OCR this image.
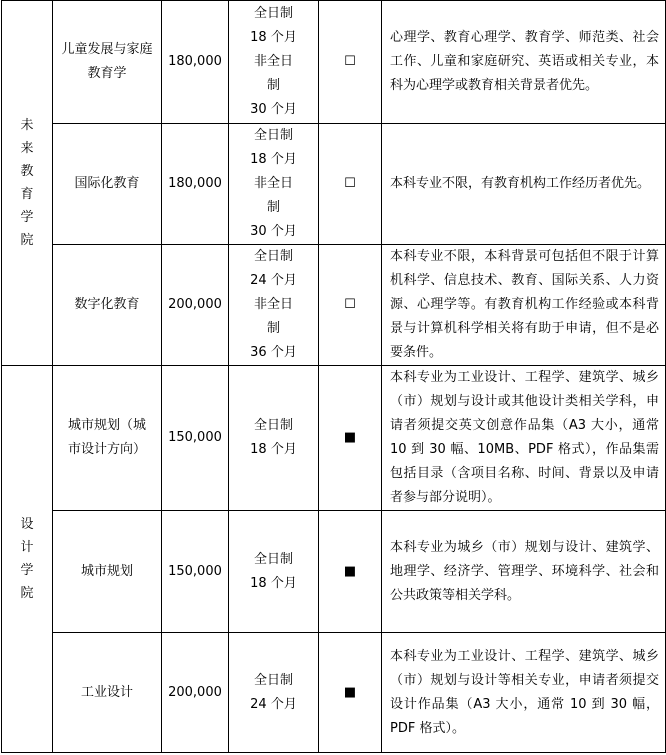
未来教育学院	儿童发展与家庭教育学	180,000	全日制
18 个月
非全日
制
30 个月	☐	心理学、教育心理学、教育学、师范类、社会工作、儿童和家庭研究、英语或相关专业，本科为心理学或教育相关背景者优先。
	国际化教育	180,000	全日制
18 个月
非全日
制
30 个月	☐	本科专业不限，有教育机构工作经历者优先。
	数字化教育	200,000	全日制
24 个月
非全日
制
36 个月	☐	本科专业不限，本科背景可包括但不限于计算机科学、信息技术、教育、国际关系、人力资源、心理学等。有教育机构工作经验或本科背景与计算机科学相关将有助于申请，但不是必要条件。
设计学院	城市规划（城市设计方向）	150,000	全日制
18 个月	■	本科专业为工业设计、工程学、建筑学、城乡（市）规划与设计或其他设计类相关学科，申请者须提交英文创意作品集（A3 大小，通常 10 到 30 幅、10MB、PDF 格式），作品集需包括目录（含项目名称、时间、背景以及申请者参与部分说明）。
	城市规划	150,000	全日制
18 个月	■	本科专业为城乡（市）规划与设计、建筑学、地理学、经济学、管理学、环境科学、社会和公共政策等相关学科。
	工业设计	200,000	全日制
24 个月	■	本科专业为工业设计、工程学、建筑学、城乡（市）规划与设计等相关专业，申请者须提交设计作品集（A3 大小，通常 10 到 30 幅，PDF 格式）。
